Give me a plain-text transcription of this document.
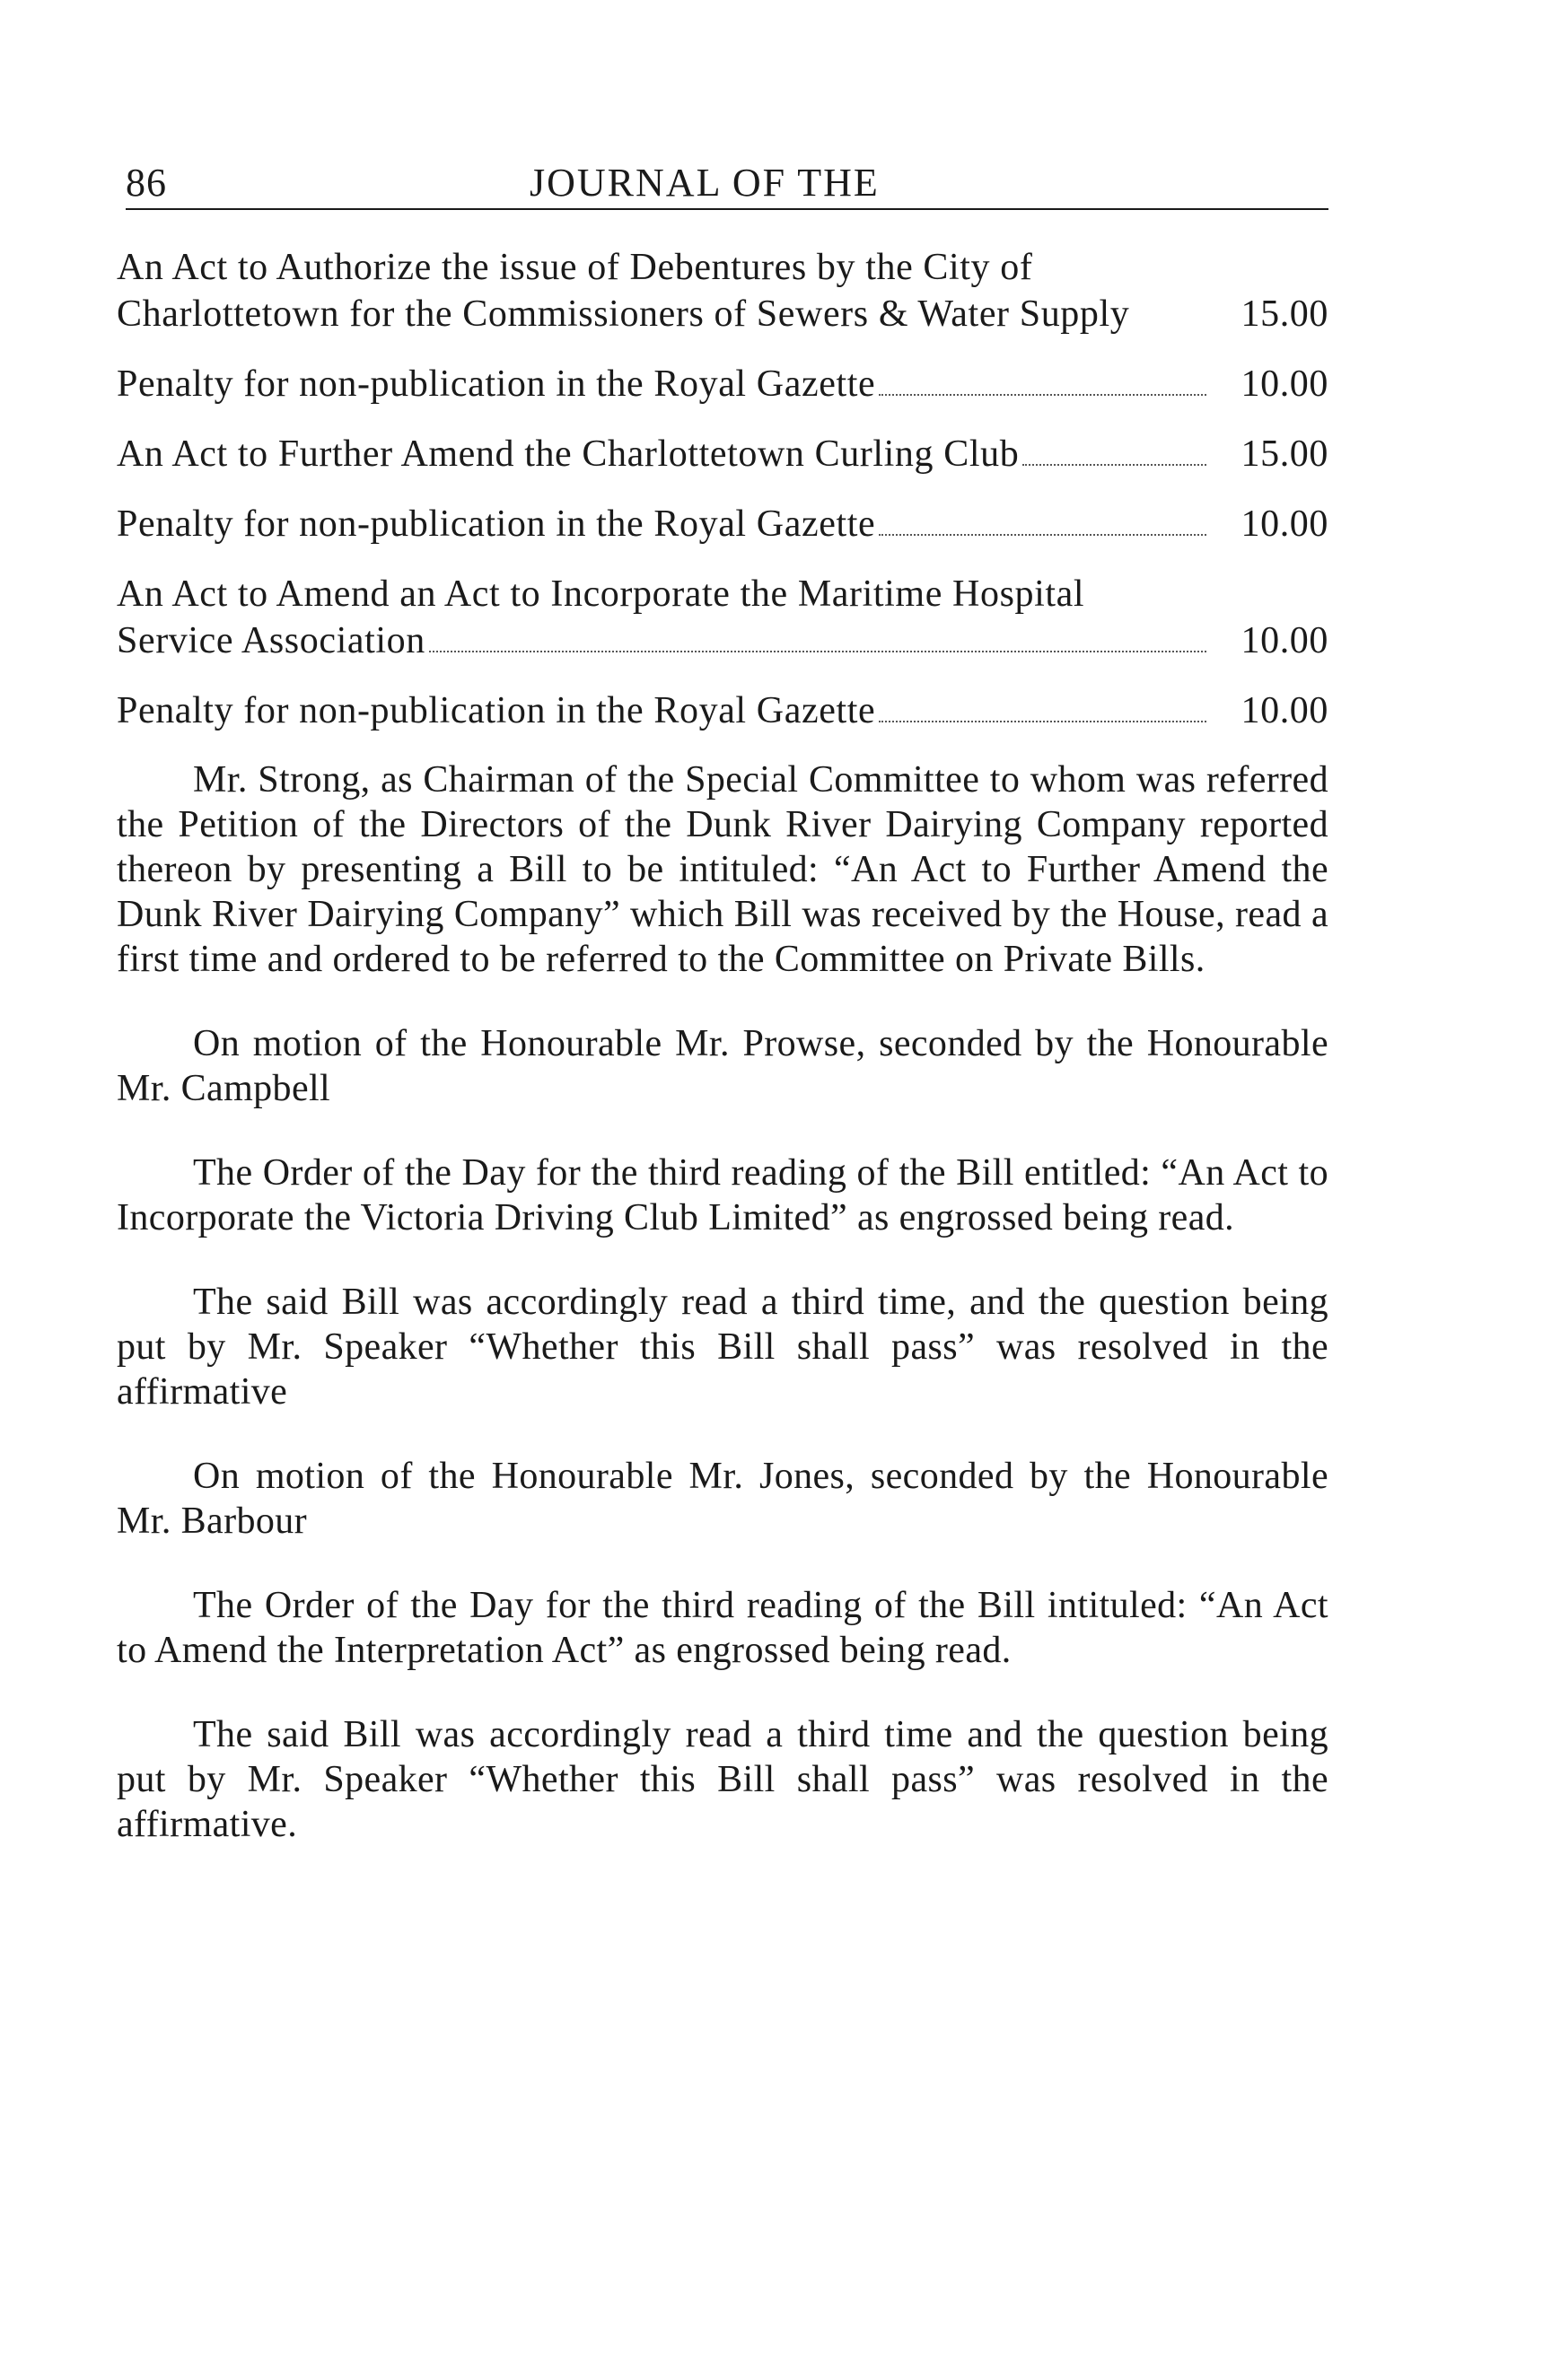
86	JOURNAL OF THE
An Act to Authorize the issue of Debentures by the City of
Charlottetown for the Commissioners of Sewers & Water Supply	15.00
Penalty for non-publication in the Royal Gazette	10.00
An Act to Further Amend the Charlottetown Curling Club	15.00
Penalty for non-publication in the Royal Gazette	10.00
An Act to Amend an Act to Incorporate the Maritime Hospital
Service Association	10.00
Penalty for non-publication in the Royal Gazette	10.00

Mr. Strong, as Chairman of the Special Committee to whom was referred the Petition of the Directors of the Dunk River Dairying Company reported thereon by presenting a Bill to be intituled: “An Act to Further Amend the Dunk River Dairying Company” which Bill was received by the House, read a first time and ordered to be referred to the Committee on Private Bills.

On motion of the Honourable Mr. Prowse, seconded by the Honourable Mr. Campbell

The Order of the Day for the third reading of the Bill entitled: “An Act to Incorporate the Victoria Driving Club Limited” as engrossed being read.

The said Bill was accordingly read a third time, and the question being put by Mr. Speaker “Whether this Bill shall pass” was resolved in the affirmative

On motion of the Honourable Mr. Jones, seconded by the Honourable Mr. Barbour

The Order of the Day for the third reading of the Bill intituled: “An Act to Amend the Interpretation Act” as engrossed being read.

The said Bill was accordingly read a third time and the question being put by Mr. Speaker “Whether this Bill shall pass” was resolved in the affirmative.
